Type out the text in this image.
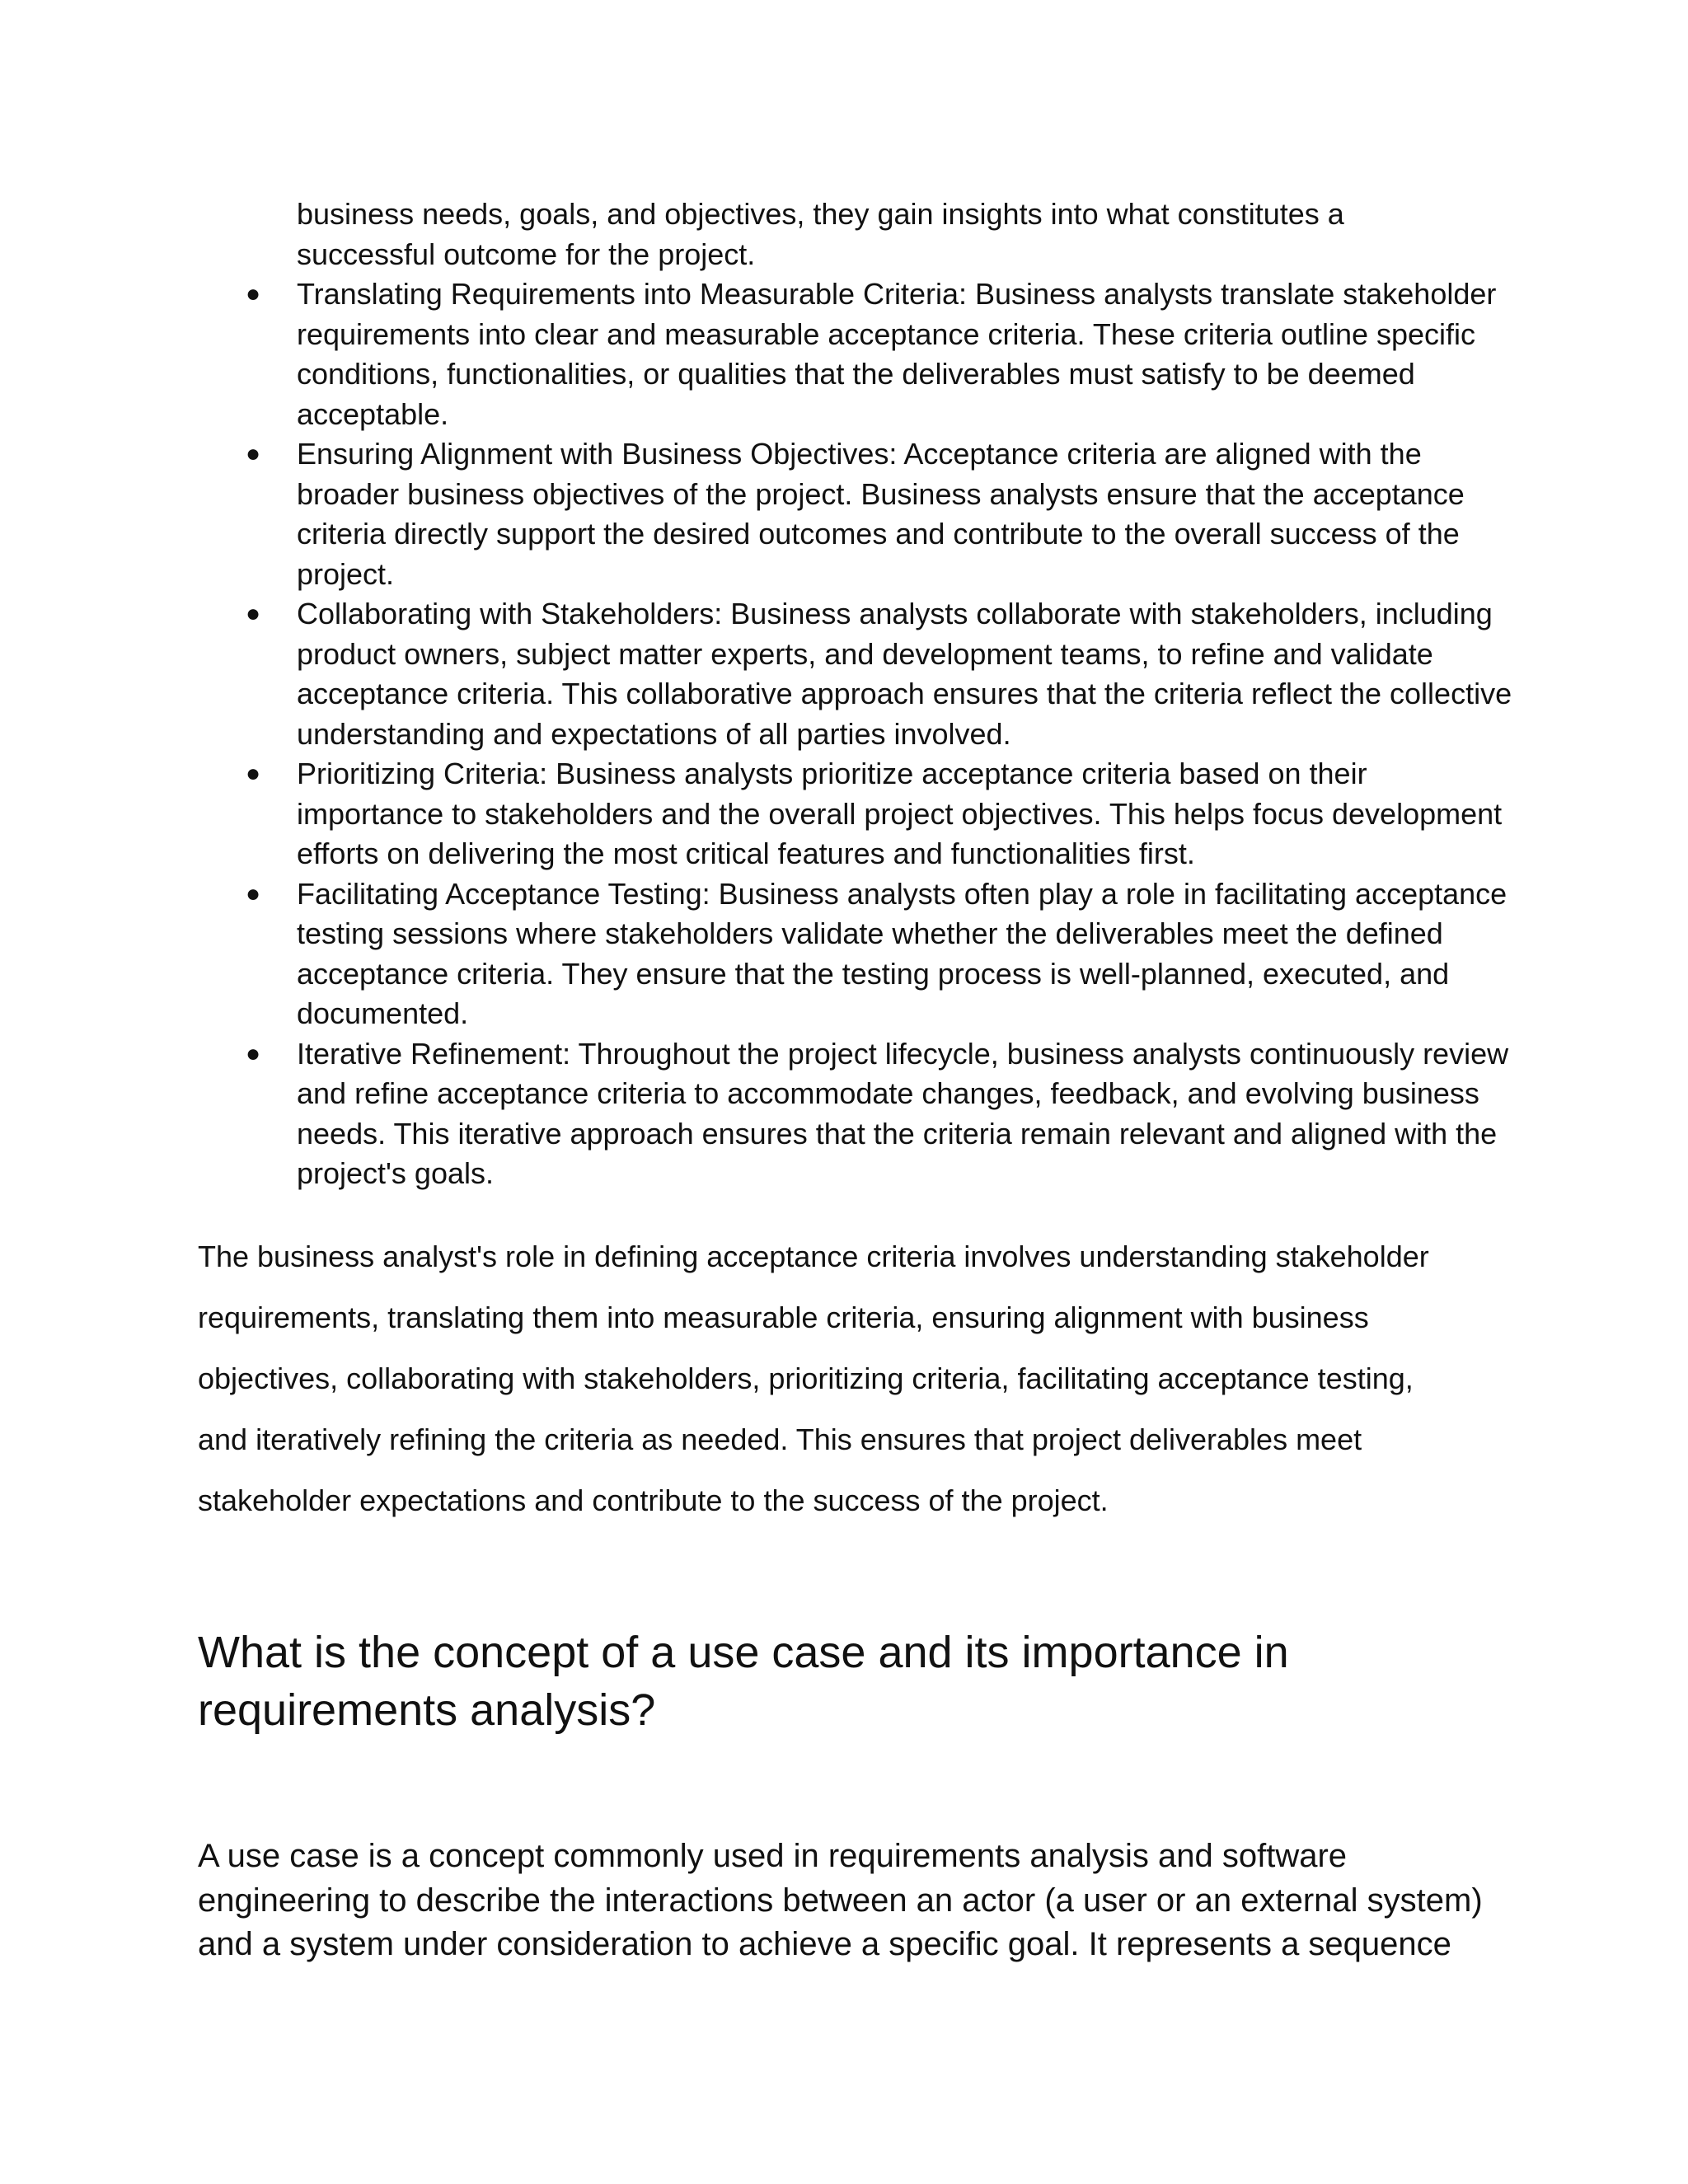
business needs, goals, and objectives, they gain insights into what constitutes a successful outcome for the project.

● Translating Requirements into Measurable Criteria: Business analysts translate stakeholder requirements into clear and measurable acceptance criteria. These criteria outline specific conditions, functionalities, or qualities that the deliverables must satisfy to be deemed acceptable.
● Ensuring Alignment with Business Objectives: Acceptance criteria are aligned with the broader business objectives of the project. Business analysts ensure that the acceptance criteria directly support the desired outcomes and contribute to the overall success of the project.
● Collaborating with Stakeholders: Business analysts collaborate with stakeholders, including product owners, subject matter experts, and development teams, to refine and validate acceptance criteria. This collaborative approach ensures that the criteria reflect the collective understanding and expectations of all parties involved.
● Prioritizing Criteria: Business analysts prioritize acceptance criteria based on their importance to stakeholders and the overall project objectives. This helps focus development efforts on delivering the most critical features and functionalities first.
● Facilitating Acceptance Testing: Business analysts often play a role in facilitating acceptance testing sessions where stakeholders validate whether the deliverables meet the defined acceptance criteria. They ensure that the testing process is well-planned, executed, and documented.
● Iterative Refinement: Throughout the project lifecycle, business analysts continuously review and refine acceptance criteria to accommodate changes, feedback, and evolving business needs. This iterative approach ensures that the criteria remain relevant and aligned with the project's goals.

The business analyst's role in defining acceptance criteria involves understanding stakeholder requirements, translating them into measurable criteria, ensuring alignment with business objectives, collaborating with stakeholders, prioritizing criteria, facilitating acceptance testing, and iteratively refining the criteria as needed. This ensures that project deliverables meet stakeholder expectations and contribute to the success of the project.

What is the concept of a use case and its importance in requirements analysis?

A use case is a concept commonly used in requirements analysis and software engineering to describe the interactions between an actor (a user or an external system) and a system under consideration to achieve a specific goal. It represents a sequence
